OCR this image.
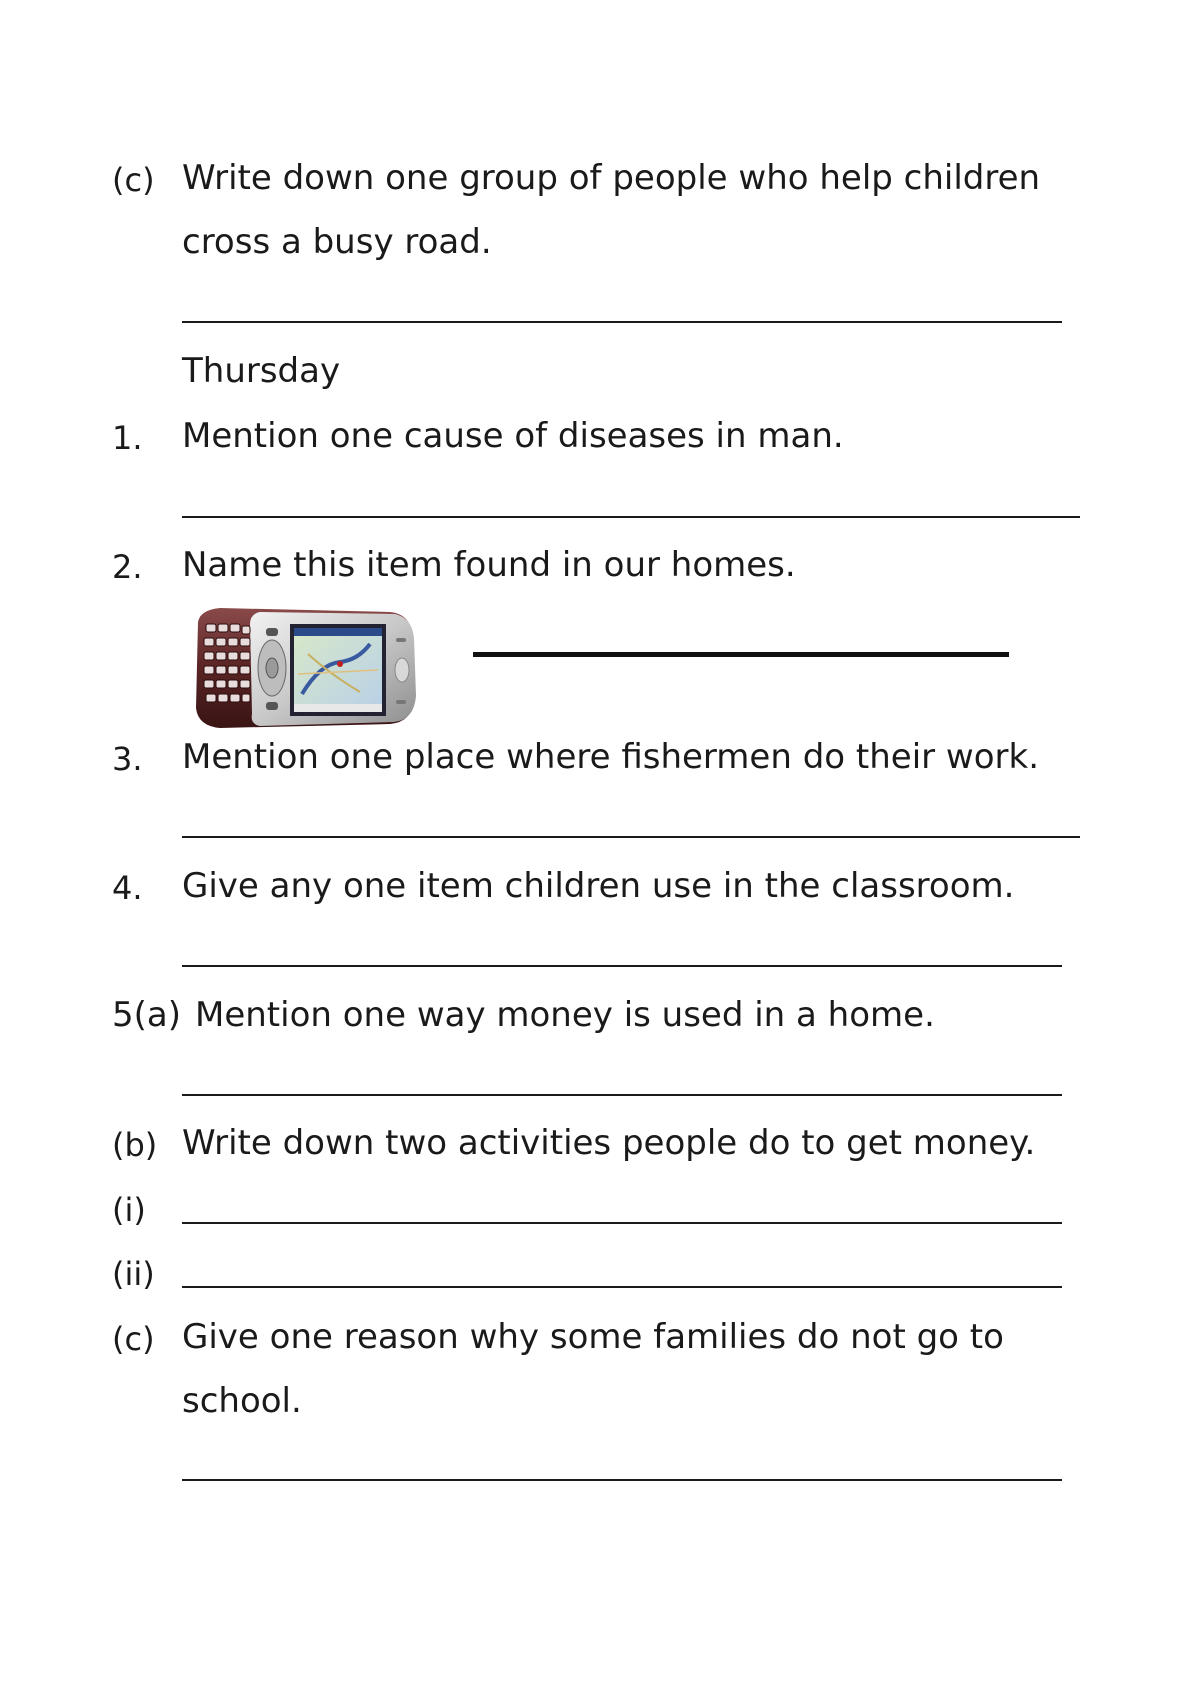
(c) Write down one group of people who help children
cross a busy road.
Thursday
1. Mention one cause of diseases in man.
2. Name this item found in our homes.
3. Mention one place where fishermen do their work.
4. Give any one item children use in the classroom.
5(a) Mention one way money is used in a home.
(b) Write down two activities people do to get money.
(i)
(ii)
(c) Give one reason why some families do not go to
school.
